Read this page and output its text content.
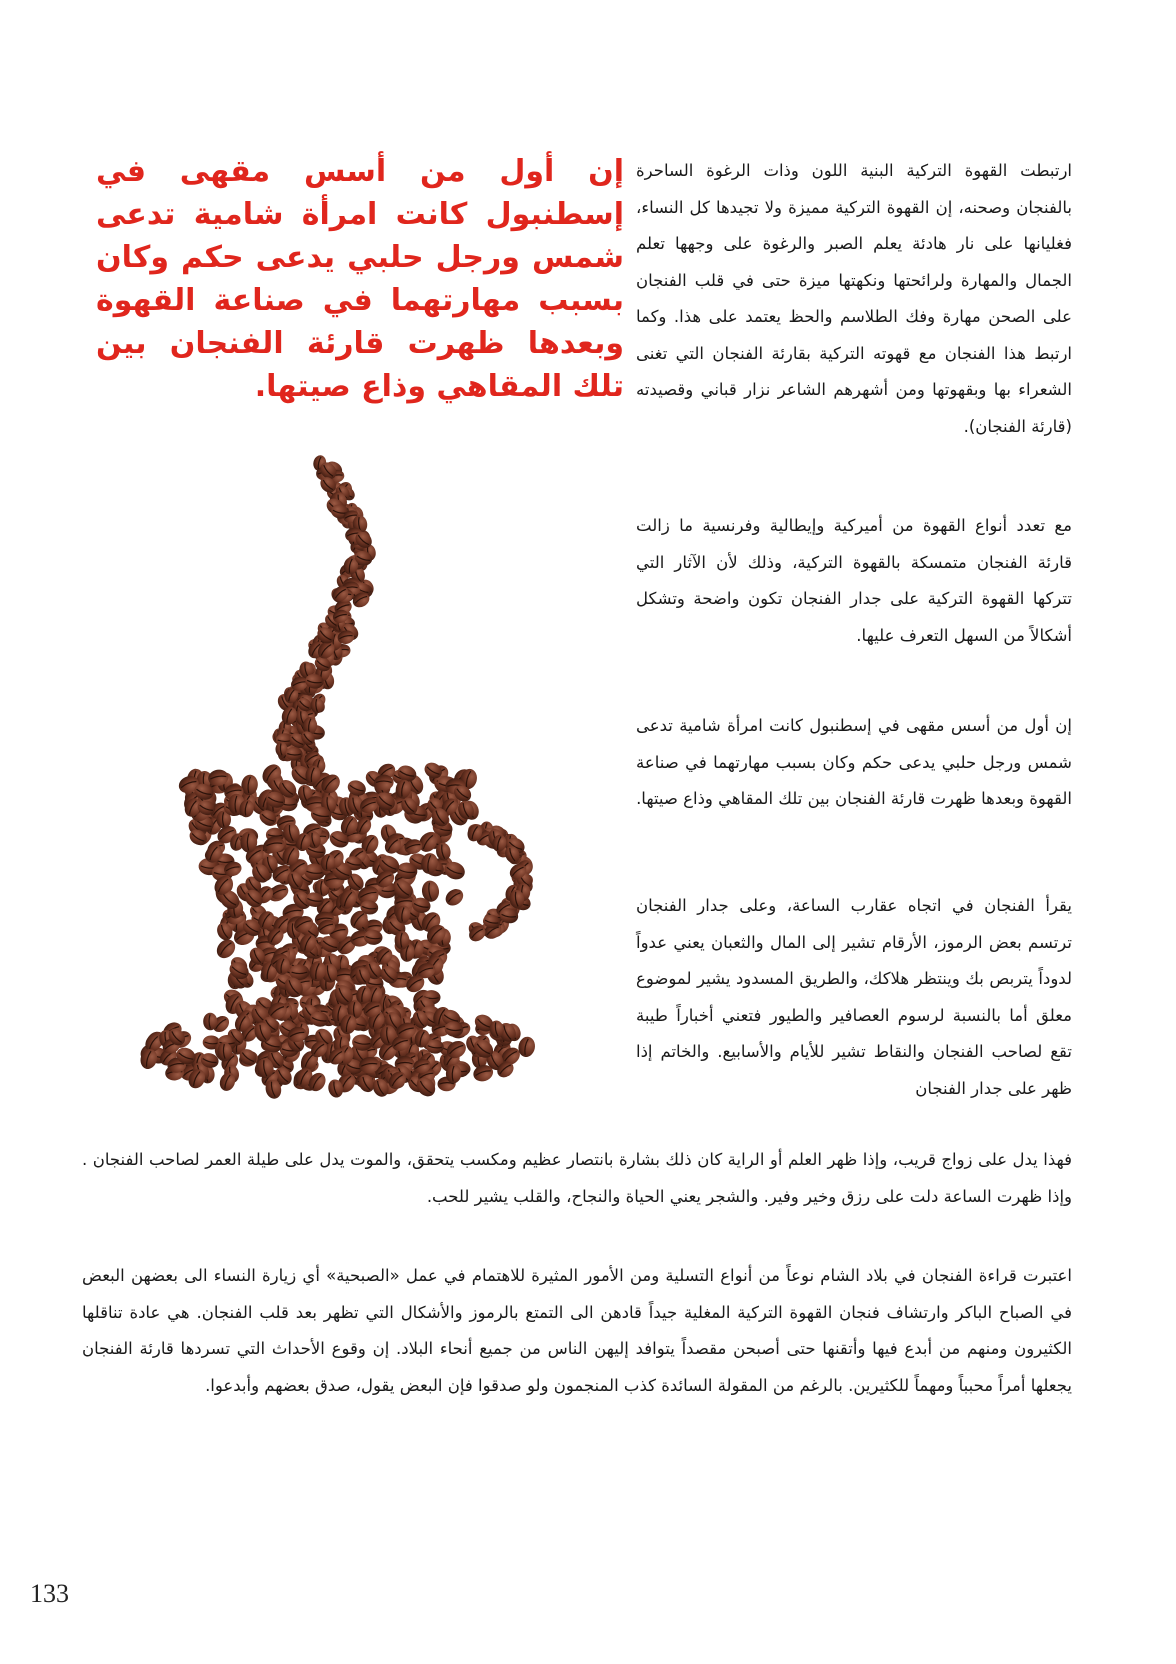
إن أول من أسس مقهى في إسطنبول كانت امرأة شامية تدعى شمس ورجل حلبي يدعى حكم وكان بسبب مهارتهما في صناعة القهوة وبعدها ظهرت قارئة الفنجان بين تلك المقاهي وذاع صيتها.

ارتبطت القهوة التركية البنية اللون وذات الرغوة الساحرة بالفنجان وصحنه، إن القهوة التركية مميزة ولا تجيدها كل النساء، فغليانها على نار هادئة يعلم الصبر والرغوة على وجهها تعلم الجمال والمهارة ولرائحتها ونكهتها ميزة حتى في قلب الفنجان على الصحن مهارة وفك الطلاسم والحظ يعتمد على هذا. وكما ارتبط هذا الفنجان مع قهوته التركية بقارئة الفنجان التي تغنى الشعراء بها وبقهوتها ومن أشهرهم الشاعر نزار قباني وقصيدته (قارئة الفنجان).

مع تعدد أنواع القهوة من أميركية وإيطالية وفرنسية ما زالت قارئة الفنجان متمسكة بالقهوة التركية، وذلك لأن الآثار التي تتركها القهوة التركية على جدار الفنجان تكون واضحة وتشكل أشكالاً من السهل التعرف عليها.

إن أول من أسس مقهى في إسطنبول كانت امرأة شامية تدعى شمس ورجل حلبي يدعى حكم وكان بسبب مهارتهما في صناعة القهوة وبعدها ظهرت قارئة الفنجان بين تلك المقاهي وذاع صيتها.

يقرأ الفنجان في اتجاه عقارب الساعة، وعلى جدار الفنجان ترتسم بعض الرموز، الأرقام تشير إلى المال والثعبان يعني عدواً لدوداً يتربص بك وينتظر هلاكك، والطريق المسدود يشير لموضوع معلق أما بالنسبة لرسوم العصافير والطيور فتعني أخباراً طيبة تقع لصاحب الفنجان والنقاط تشير للأيام والأسابيع. والخاتم إذا ظهر على جدار الفنجان

فهذا يدل على زواج قريب، وإذا ظهر العلم أو الراية كان ذلك بشارة بانتصار عظيم ومكسب يتحقق، والموت يدل على طيلة العمر لصاحب الفنجان . وإذا ظهرت الساعة دلت على رزق وخير وفير. والشجر يعني الحياة والنجاح، والقلب يشير للحب.

اعتبرت قراءة الفنجان في بلاد الشام نوعاً من أنواع التسلية ومن الأمور المثيرة للاهتمام في عمل «الصبحية» أي زيارة النساء الى بعضهن البعض في الصباح الباكر وارتشاف فنجان القهوة التركية المغلية جيداً قادهن الى التمتع بالرموز والأشكال التي تظهر بعد قلب الفنجان. هي عادة تناقلها الكثيرون ومنهم من أبدع فيها وأتقنها حتى أصبحن مقصداً يتوافد إليهن الناس من جميع أنحاء البلاد. إن وقوع الأحداث التي تسردها قارئة الفنجان يجعلها أمراً محبباً ومهماً للكثيرين. بالرغم من المقولة السائدة كذب المنجمون ولو صدقوا فإن البعض يقول، صدق بعضهم وأبدعوا.

133
